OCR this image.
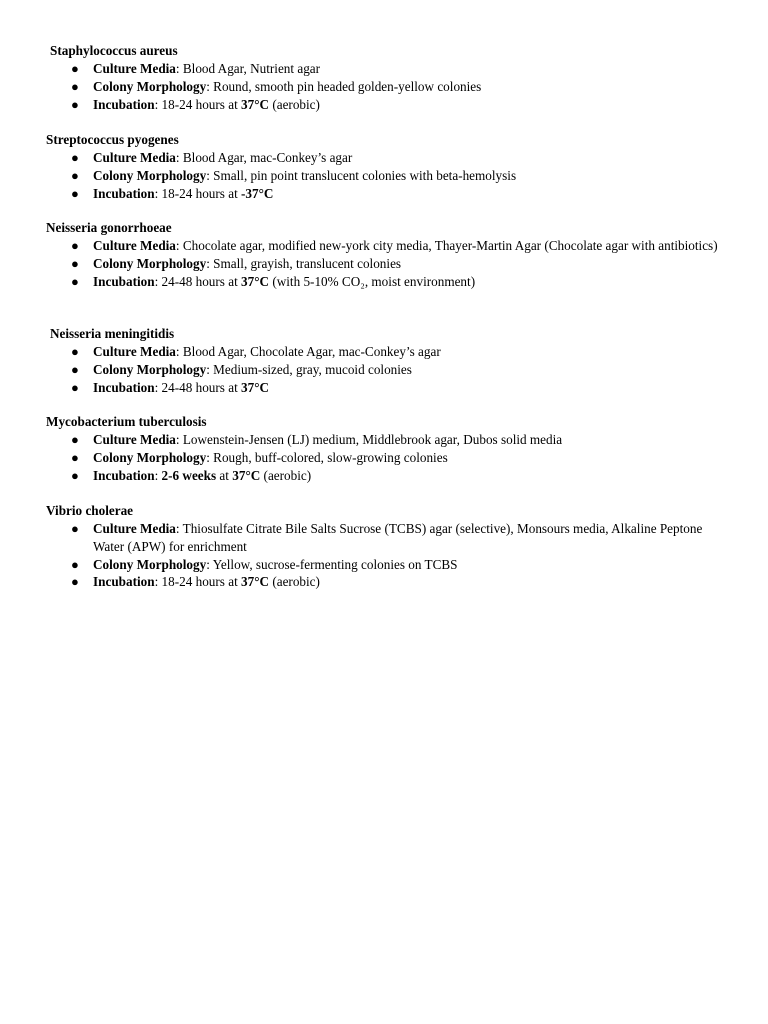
Staphylococcus aureus
● Culture Media: Blood Agar, Nutrient agar
● Colony Morphology: Round, smooth pin headed golden-yellow colonies
● Incubation: 18-24 hours at 37°C (aerobic)
Streptococcus pyogenes
● Culture Media: Blood Agar, mac-Conkey’s agar
● Colony Morphology: Small, pin point translucent colonies with beta-hemolysis
● Incubation: 18-24 hours at -37°C
Neisseria gonorrhoeae
● Culture Media: Chocolate agar, modified new-york city media, Thayer-Martin Agar (Chocolate agar with antibiotics)
● Colony Morphology: Small, grayish, translucent colonies
● Incubation: 24-48 hours at 37°C (with 5-10% CO₂, moist environment)
Neisseria meningitidis
● Culture Media: Blood Agar, Chocolate Agar, mac-Conkey’s agar
● Colony Morphology: Medium-sized, gray, mucoid colonies
● Incubation: 24-48 hours at 37°C
Mycobacterium tuberculosis
● Culture Media: Lowenstein-Jensen (LJ) medium, Middlebrook agar, Dubos solid media
● Colony Morphology: Rough, buff-colored, slow-growing colonies
● Incubation: 2-6 weeks at 37°C (aerobic)
Vibrio cholerae
● Culture Media: Thiosulfate Citrate Bile Salts Sucrose (TCBS) agar (selective), Monsours media, Alkaline Peptone Water (APW) for enrichment
● Colony Morphology: Yellow, sucrose-fermenting colonies on TCBS
● Incubation: 18-24 hours at 37°C (aerobic)
